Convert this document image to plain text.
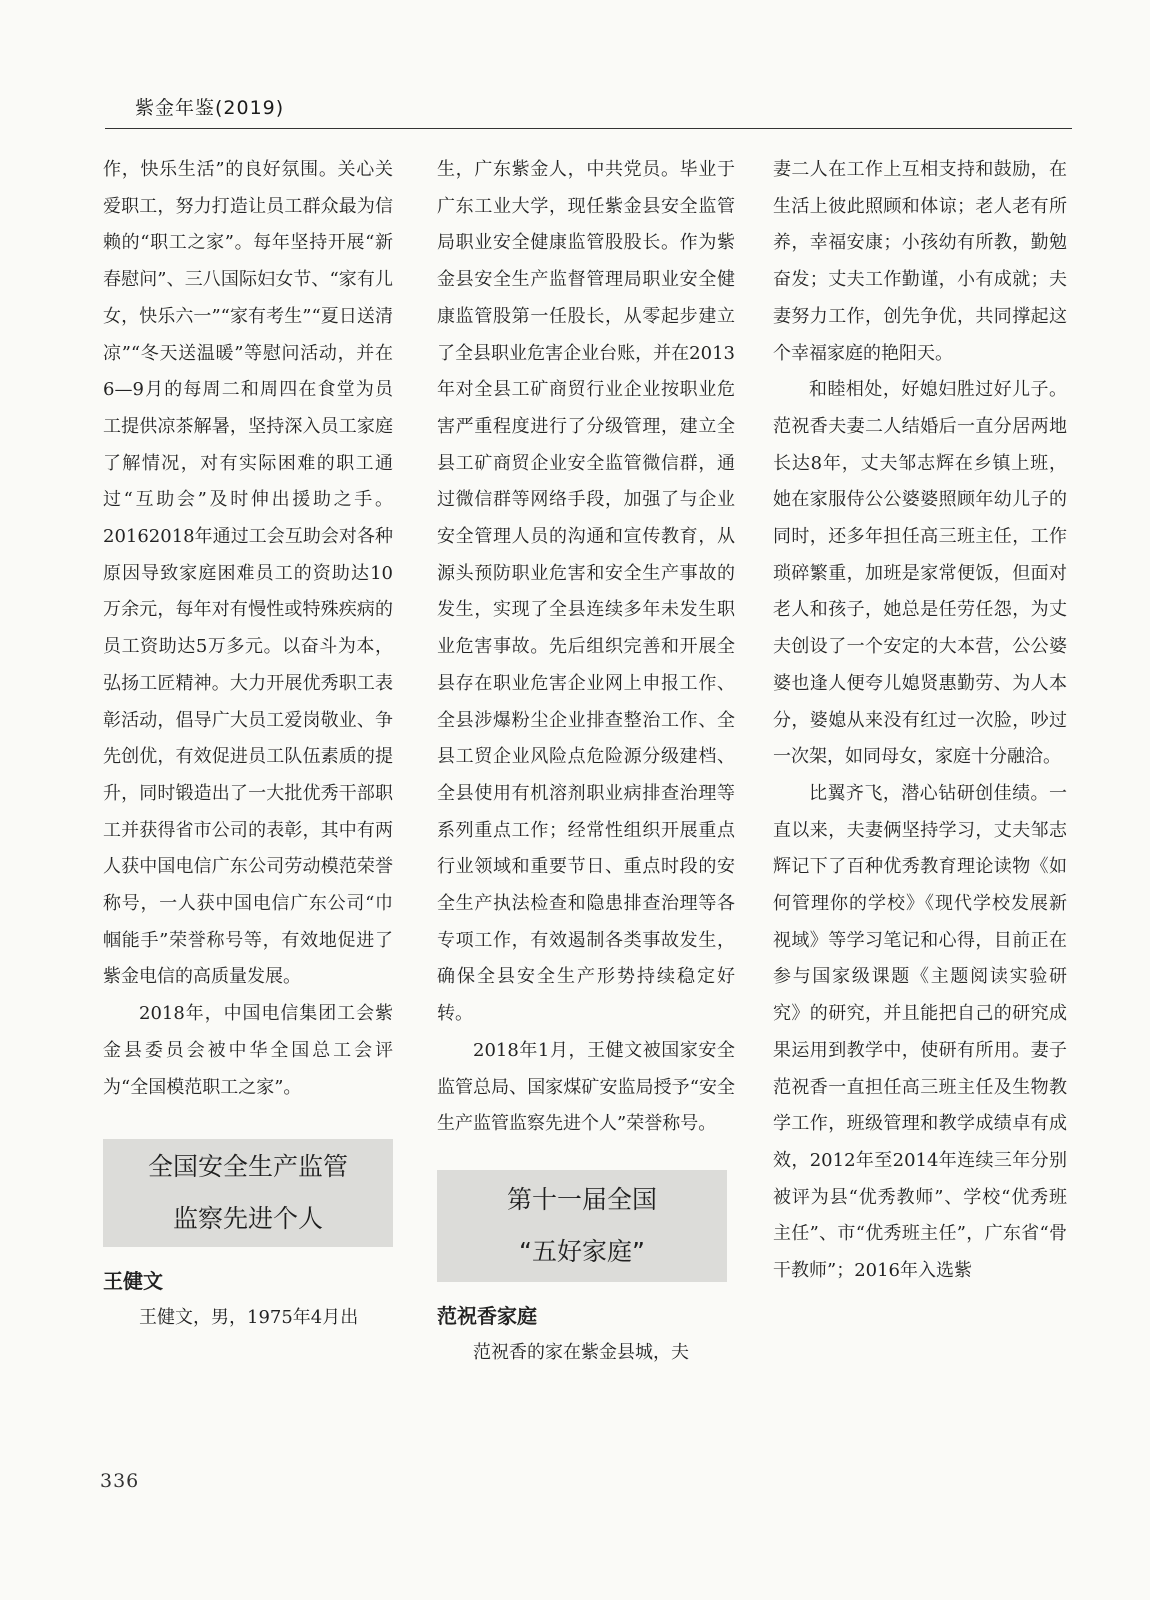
紫金年鉴(2019)

作，快乐生活”的良好氛围。关心关爱职工，努力打造让员工群众最为信赖的“职工之家”。每年坚持开展“新春慰问”、三八国际妇女节、“家有儿女，快乐六一”“家有考生”“夏日送清凉”“冬天送温暖”等慰问活动，并在6—9月的每周二和周四在食堂为员工提供凉茶解暑，坚持深入员工家庭了解情况，对有实际困难的职工通过“互助会”及时伸出援助之手。20162018年通过工会互助会对各种原因导致家庭困难员工的资助达10万余元，每年对有慢性或特殊疾病的员工资助达5万多元。以奋斗为本，弘扬工匠精神。大力开展优秀职工表彰活动，倡导广大员工爱岗敬业、争先创优，有效促进员工队伍素质的提升，同时锻造出了一大批优秀干部职工并获得省市公司的表彰，其中有两人获中国电信广东公司劳动模范荣誉称号，一人获中国电信广东公司“巾帼能手”荣誉称号等，有效地促进了紫金电信的高质量发展。

2018年，中国电信集团工会紫金县委员会被中华全国总工会评为“全国模范职工之家”。

全国安全生产监管
监察先进个人
王健文

王健文，男，1975年4月出

生，广东紫金人，中共党员。毕业于广东工业大学，现任紫金县安全监管局职业安全健康监管股股长。作为紫金县安全生产监督管理局职业安全健康监管股第一任股长，从零起步建立了全县职业危害企业台账，并在2013年对全县工矿商贸行业企业按职业危害严重程度进行了分级管理，建立全县工矿商贸企业安全监管微信群，通过微信群等网络手段，加强了与企业安全管理人员的沟通和宣传教育，从源头预防职业危害和安全生产事故的发生，实现了全县连续多年未发生职业危害事故。先后组织完善和开展全县存在职业危害企业网上申报工作、全县涉爆粉尘企业排查整治工作、全县工贸企业风险点危险源分级建档、全县使用有机溶剂职业病排查治理等系列重点工作；经常性组织开展重点行业领域和重要节日、重点时段的安全生产执法检查和隐患排查治理等各专项工作，有效遏制各类事故发生，确保全县安全生产形势持续稳定好转。

2018年1月，王健文被国家安全监管总局、国家煤矿安监局授予“安全生产监管监察先进个人”荣誉称号。

第十一届全国
“五好家庭”
范祝香家庭

范祝香的家在紫金县城，夫

妻二人在工作上互相支持和鼓励，在生活上彼此照顾和体谅；老人老有所养，幸福安康；小孩幼有所教，勤勉奋发；丈夫工作勤谨，小有成就；夫妻努力工作，创先争优，共同撑起这个幸福家庭的艳阳天。

和睦相处，好媳妇胜过好儿子。范祝香夫妻二人结婚后一直分居两地长达8年，丈夫邹志辉在乡镇上班，她在家服侍公公婆婆照顾年幼儿子的同时，还多年担任高三班主任，工作琐碎繁重，加班是家常便饭，但面对老人和孩子，她总是任劳任怨，为丈夫创设了一个安定的大本营，公公婆婆也逢人便夸儿媳贤惠勤劳、为人本分，婆媳从来没有红过一次脸，吵过一次架，如同母女，家庭十分融洽。

比翼齐飞，潜心钻研创佳绩。一直以来，夫妻俩坚持学习，丈夫邹志辉记下了百种优秀教育理论读物《如何管理你的学校》《现代学校发展新视域》等学习笔记和心得，目前正在参与国家级课题《主题阅读实验研究》的研究，并且能把自己的研究成果运用到教学中，使研有所用。妻子范祝香一直担任高三班主任及生物教学工作，班级管理和教学成绩卓有成效，2012年至2014年连续三年分别被评为县“优秀教师”、学校“优秀班主任”、市“优秀班主任”，广东省“骨干教师”；2016年入选紫

336
